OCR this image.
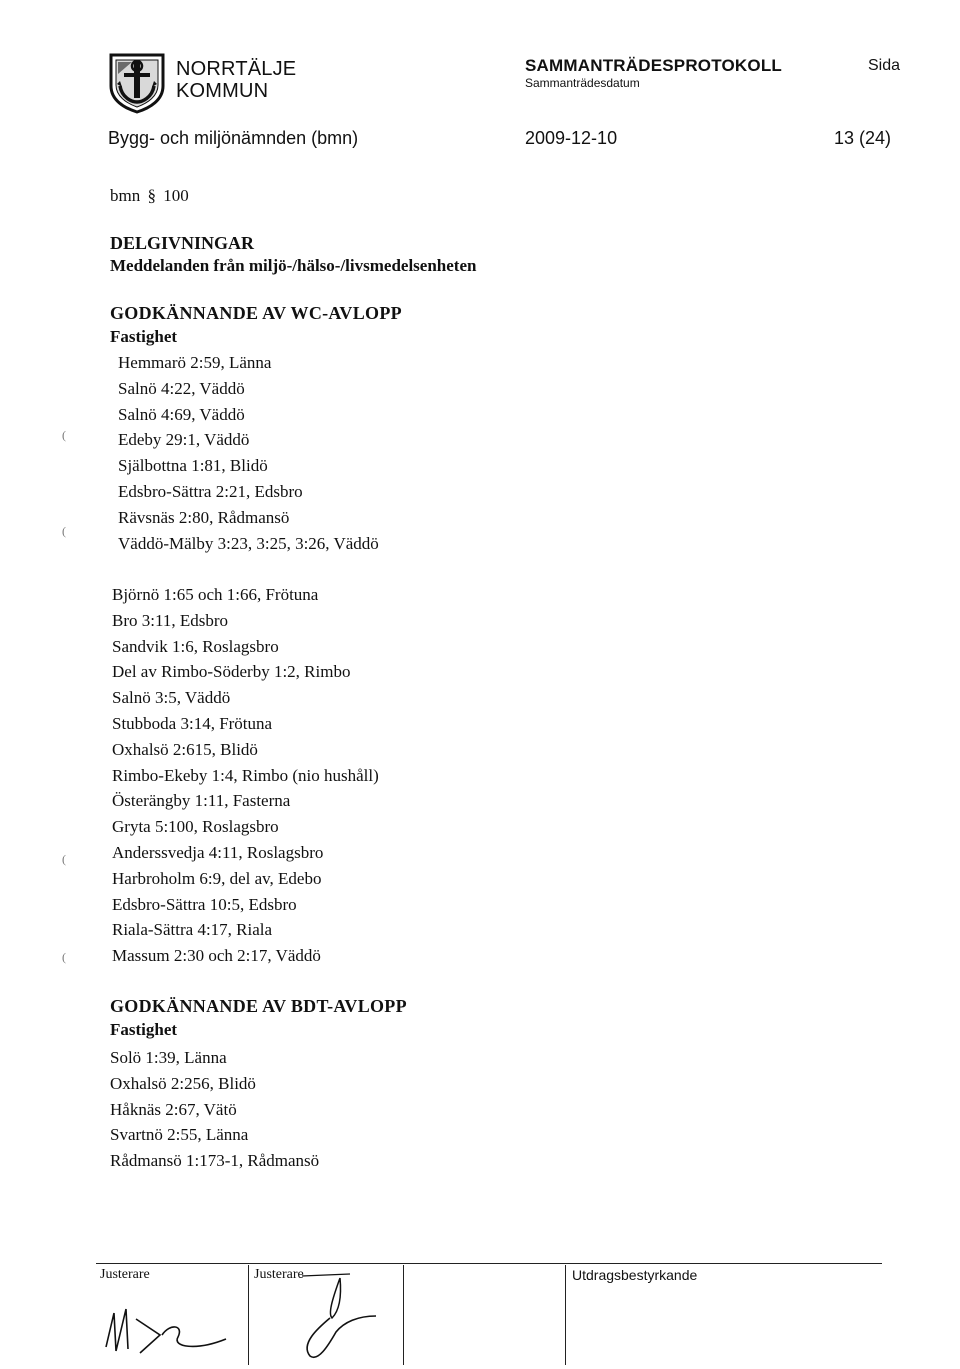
NORRTÄLJE
KOMMUN
SAMMANTRÄDESPROTOKOLL
Sammanträdesdatum
Sida
Bygg- och miljönämnden (bmn)	2009-12-10	13 (24)
bmn § 100
DELGIVNINGAR
Meddelanden från miljö-/hälso-/livsmedelsenheten
GODKÄNNANDE AV WC-AVLOPP
Fastighet
Hemmarö 2:59, Länna
Salnö 4:22, Väddö
Salnö 4:69, Väddö
Edeby 29:1, Väddö
Själbottna 1:81, Blidö
Edsbro-Sättra 2:21, Edsbro
Rävsnäs 2:80, Rådmansö
Väddö-Mälby 3:23, 3:25, 3:26, Väddö
Björnö 1:65 och 1:66, Frötuna
Bro 3:11, Edsbro
Sandvik 1:6, Roslagsbro
Del av Rimbo-Söderby 1:2, Rimbo
Salnö 3:5, Väddö
Stubboda 3:14, Frötuna
Oxhalsö 2:615, Blidö
Rimbo-Ekeby 1:4, Rimbo (nio hushåll)
Österängby 1:11, Fasterna
Gryta 5:100, Roslagsbro
Anderssvedja 4:11, Roslagsbro
Harbroholm 6:9, del av, Edebo
Edsbro-Sättra 10:5, Edsbro
Riala-Sättra 4:17, Riala
Massum 2:30 och 2:17, Väddö
GODKÄNNANDE AV BDT-AVLOPP
Fastighet
Solö 1:39, Länna
Oxhalsö 2:256, Blidö
Håknäs 2:67, Vätö
Svartnö 2:55, Länna
Rådmansö 1:173-1, Rådmansö
(
(
(
(
Justerare	Justerare	Utdragsbestyrkande
